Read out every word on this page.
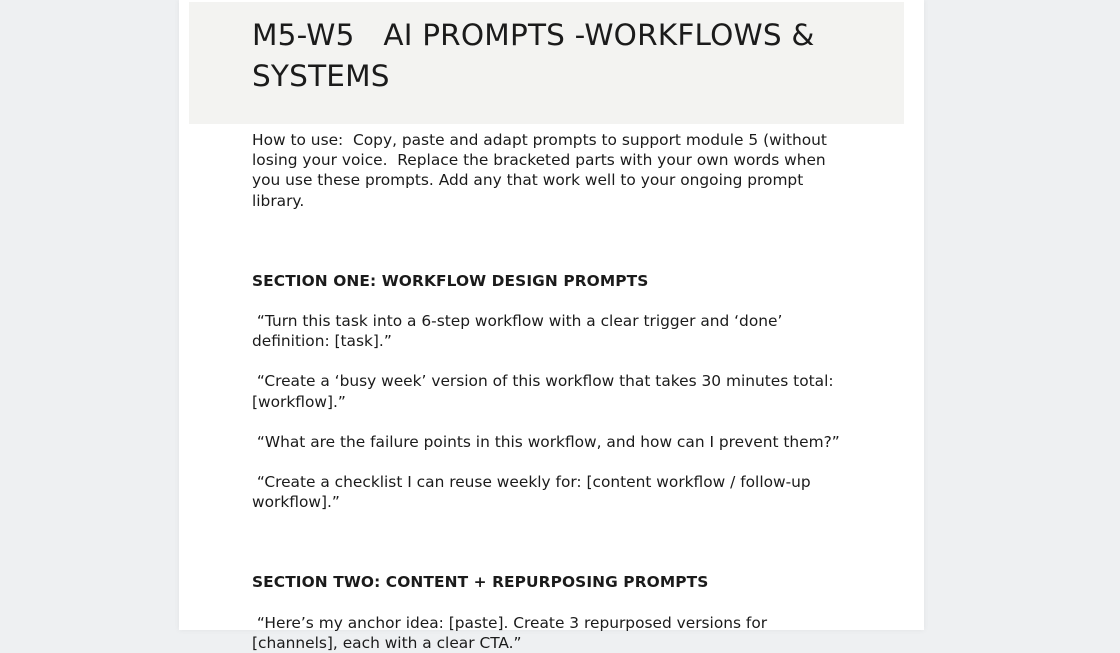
M5-W5   AI PROMPTS -WORKFLOWS & SYSTEMS

How to use:  Copy, paste and adapt prompts to support module 5 (without losing your voice.  Replace the bracketed parts with your own words when you use these prompts. Add any that work well to your ongoing prompt library.

SECTION ONE: WORKFLOW DESIGN PROMPTS

“Turn this task into a 6-step workflow with a clear trigger and ‘done’ definition: [task].”

“Create a ‘busy week’ version of this workflow that takes 30 minutes total: [workflow].”

“What are the failure points in this workflow, and how can I prevent them?”

“Create a checklist I can reuse weekly for: [content workflow / follow-up workflow].”

SECTION TWO: CONTENT + REPURPOSING PROMPTS

“Here’s my anchor idea: [paste]. Create 3 repurposed versions for [channels], each with a clear CTA.”
